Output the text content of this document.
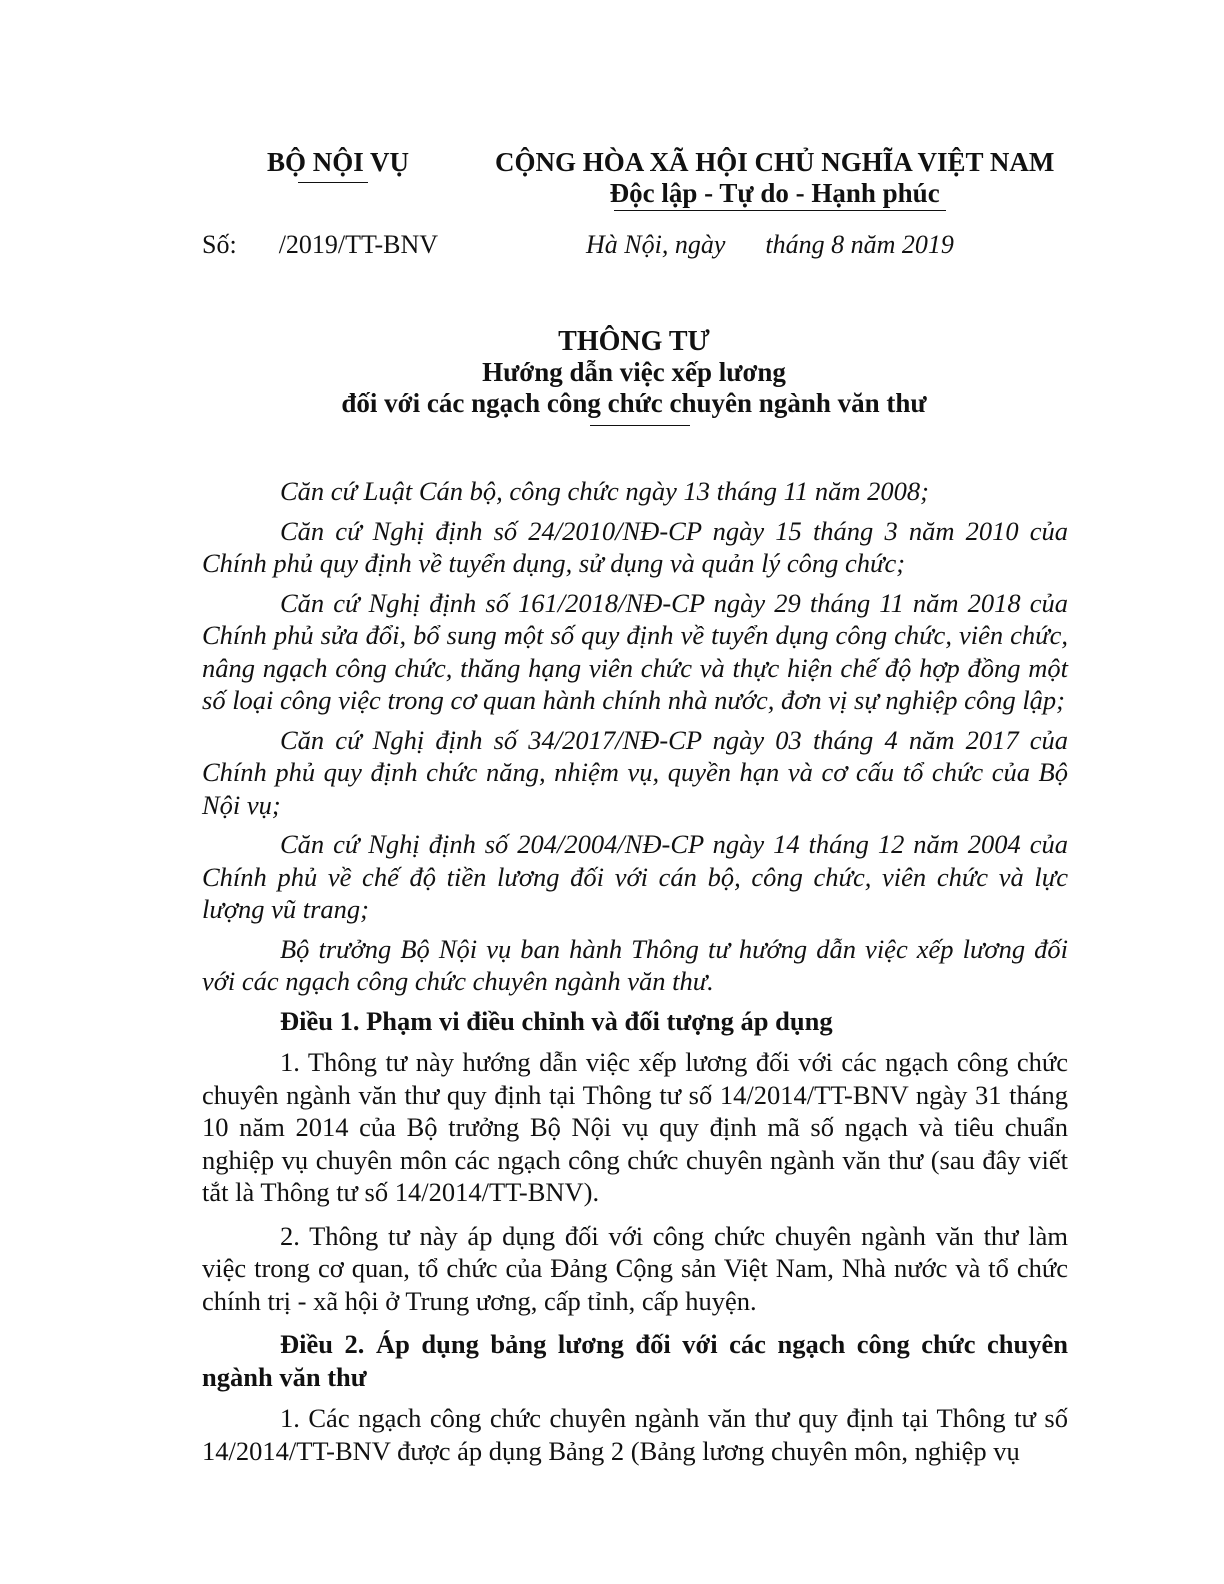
BỘ NỘI VỤ	CỘNG HÒA XÃ HỘI CHỦ NGHĨA VIỆT NAM
Độc lập - Tự do - Hạnh phúc
Số: /2019/TT-BNV	Hà Nội, ngày tháng 8 năm 2019
THÔNG TƯ
Hướng dẫn việc xếp lương
đối với các ngạch công chức chuyên ngành văn thư

Căn cứ Luật Cán bộ, công chức ngày 13 tháng 11 năm 2008;

Căn cứ Nghị định số 24/2010/NĐ-CP ngày 15 tháng 3 năm 2010 của Chính phủ quy định về tuyển dụng, sử dụng và quản lý công chức;

Căn cứ Nghị định số 161/2018/NĐ-CP ngày 29 tháng 11 năm 2018 của Chính phủ sửa đổi, bổ sung một số quy định về tuyển dụng công chức, viên chức, nâng ngạch công chức, thăng hạng viên chức và thực hiện chế độ hợp đồng một số loại công việc trong cơ quan hành chính nhà nước, đơn vị sự nghiệp công lập;

Căn cứ Nghị định số 34/2017/NĐ-CP ngày 03 tháng 4 năm 2017 của Chính phủ quy định chức năng, nhiệm vụ, quyền hạn và cơ cấu tổ chức của Bộ Nội vụ;

Căn cứ Nghị định số 204/2004/NĐ-CP ngày 14 tháng 12 năm 2004 của Chính phủ về chế độ tiền lương đối với cán bộ, công chức, viên chức và lực lượng vũ trang;

Bộ trưởng Bộ Nội vụ ban hành Thông tư hướng dẫn việc xếp lương đối với các ngạch công chức chuyên ngành văn thư.

Điều 1. Phạm vi điều chỉnh và đối tượng áp dụng

1. Thông tư này hướng dẫn việc xếp lương đối với các ngạch công chức chuyên ngành văn thư quy định tại Thông tư số 14/2014/TT-BNV ngày 31 tháng 10 năm 2014 của Bộ trưởng Bộ Nội vụ quy định mã số ngạch và tiêu chuẩn nghiệp vụ chuyên môn các ngạch công chức chuyên ngành văn thư (sau đây viết tắt là Thông tư số 14/2014/TT-BNV).

2. Thông tư này áp dụng đối với công chức chuyên ngành văn thư làm việc trong cơ quan, tổ chức của Đảng Cộng sản Việt Nam, Nhà nước và tổ chức chính trị - xã hội ở Trung ương, cấp tỉnh, cấp huyện.

Điều 2. Áp dụng bảng lương đối với các ngạch công chức chuyên ngành văn thư

1. Các ngạch công chức chuyên ngành văn thư quy định tại Thông tư số 14/2014/TT-BNV được áp dụng Bảng 2 (Bảng lương chuyên môn, nghiệp vụ
